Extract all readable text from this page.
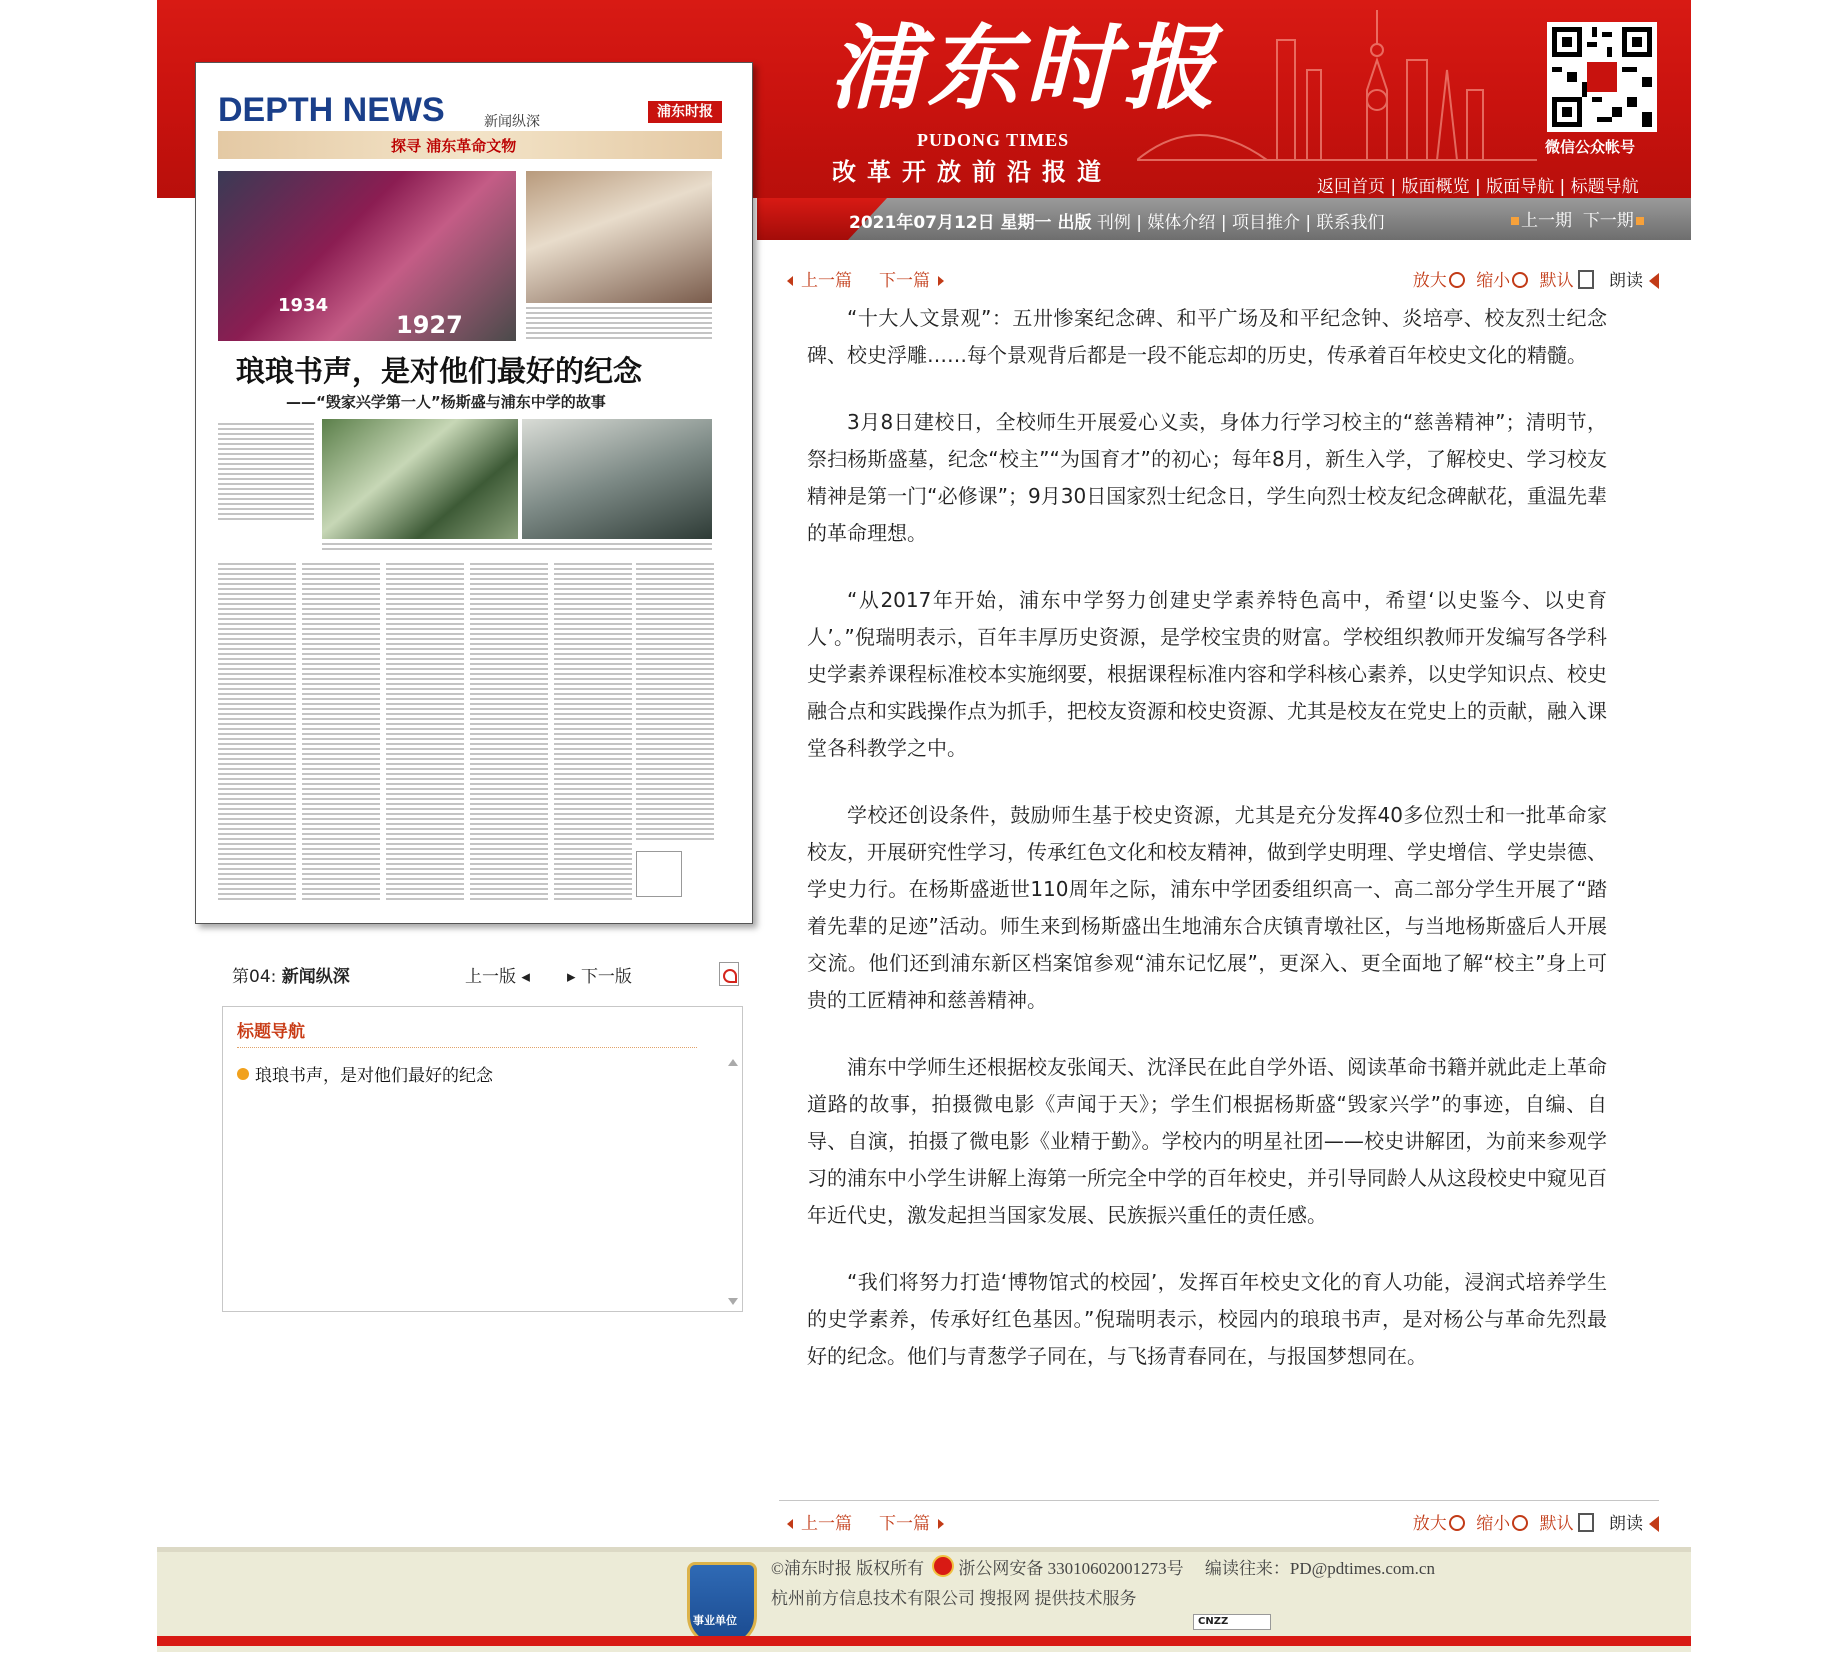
浦东时报
PUDONG TIMES
改革开放前沿报道
微信公众帐号
返回首页 | 版面概览 | 版面导航 | 标题导航
2021年07月12日 星期一 出版 刊例 | 媒体介绍 | 项目推介 | 联系我们	上一期 下一期
DEPTH NEWS	新闻纵深
浦东时报
探寻 浦东革命文物
1934
1927
琅琅书声，是对他们最好的纪念
——“毁家兴学第一人”杨斯盛与浦东中学的故事
第04: 新闻纵深	上一版 ◂ ▸ 下一版
标题导航
琅琅书声，是对他们最好的纪念
上一篇 下一篇	放大 缩小 默认 朗读

“十大人文景观”：五卅惨案纪念碑、和平广场及和平纪念钟、炎培亭、校友烈士纪念碑、校史浮雕……每个景观背后都是一段不能忘却的历史，传承着百年校史文化的精髓。

3月8日建校日，全校师生开展爱心义卖，身体力行学习校主的“慈善精神”；清明节，祭扫杨斯盛墓，纪念“校主”“为国育才”的初心；每年8月，新生入学，了解校史、学习校友精神是第一门“必修课”；9月30日国家烈士纪念日，学生向烈士校友纪念碑献花，重温先辈的革命理想。

“从2017年开始，浦东中学努力创建史学素养特色高中，希望‘以史鉴今、以史育人’。”倪瑞明表示，百年丰厚历史资源，是学校宝贵的财富。学校组织教师开发编写各学科史学素养课程标准校本实施纲要，根据课程标准内容和学科核心素养，以史学知识点、校史融合点和实践操作点为抓手，把校友资源和校史资源、尤其是校友在党史上的贡献，融入课堂各科教学之中。

学校还创设条件，鼓励师生基于校史资源，尤其是充分发挥40多位烈士和一批革命家校友，开展研究性学习，传承红色文化和校友精神，做到学史明理、学史增信、学史崇德、学史力行。在杨斯盛逝世110周年之际，浦东中学团委组织高一、高二部分学生开展了“踏着先辈的足迹”活动。师生来到杨斯盛出生地浦东合庆镇青墩社区，与当地杨斯盛后人开展交流。他们还到浦东新区档案馆参观“浦东记忆展”，更深入、更全面地了解“校主”身上可贵的工匠精神和慈善精神。

浦东中学师生还根据校友张闻天、沈泽民在此自学外语、阅读革命书籍并就此走上革命道路的故事，拍摄微电影《声闻于天》；学生们根据杨斯盛“毁家兴学”的事迹，自编、自导、自演，拍摄了微电影《业精于勤》。学校内的明星社团——校史讲解团，为前来参观学习的浦东中小学生讲解上海第一所完全中学的百年校史，并引导同龄人从这段校史中窥见百年近代史，激发起担当国家发展、民族振兴重任的责任感。

“我们将努力打造‘博物馆式的校园’，发挥百年校史文化的育人功能，浸润式培养学生的史学素养，传承好红色基因。”倪瑞明表示，校园内的琅琅书声，是对杨公与革命先烈最好的纪念。他们与青葱学子同在，与飞扬青春同在，与报国梦想同在。

上一篇 下一篇	放大 缩小 默认 朗读
事业单位
©浦东时报 版权所有 浙公网安备 33010602001273号 编读往来：PD@pdtimes.com.cn
杭州前方信息技术有限公司 搜报网 提供技术服务
CNZZ
